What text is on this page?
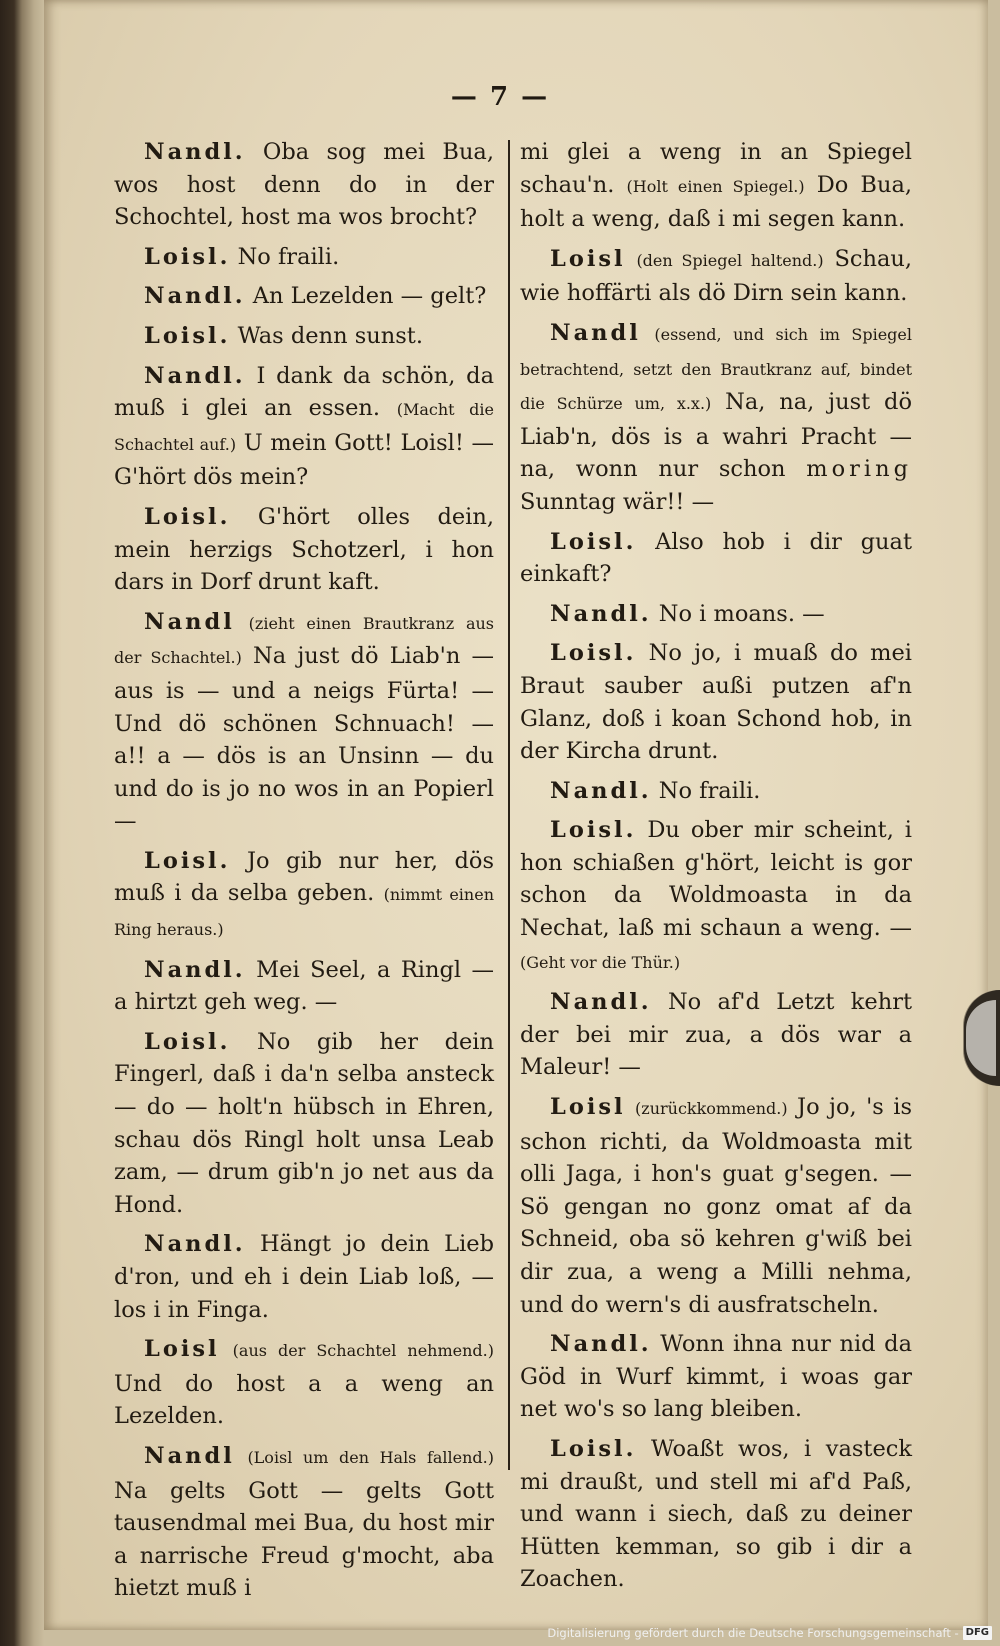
— 7 —

Nandl. Oba sog mei Bua, wos host denn do in der Schochtel, host ma wos brocht?

Loisl. No fraili.

Nandl. An Lezelden — gelt?

Loisl. Was denn sunst.

Nandl. I dank da schön, da muß i glei an essen. (Macht die Schachtel auf.) U mein Gott! Loisl! — G'hört dös mein?

Loisl. G'hört olles dein, mein herzigs Schotzerl, i hon dars in Dorf drunt kaft.

Nandl (zieht einen Brautkranz aus der Schachtel.) Na just dö Liab'n — aus is — und a neigs Fürta! — Und dö schönen Schnuach! — a!! a — dös is an Unsinn — du und do is jo no wos in an Popierl —

Loisl. Jo gib nur her, dös muß i da selba geben. (nimmt einen Ring heraus.)

Nandl. Mei Seel, a Ringl — a hirtzt geh weg. —

Loisl. No gib her dein Fingerl, daß i da'n selba ansteck — do — holt'n hübsch in Ehren, schau dös Ringl holt unsa Leab zam, — drum gib'n jo net aus da Hond.

Nandl. Hängt jo dein Lieb d'ron, und eh i dein Liab loß, — los i in Finga.

Loisl (aus der Schachtel nehmend.) Und do host a a weng an Lezelden.

Nandl (Loisl um den Hals fallend.) Na gelts Gott — gelts Gott tausendmal mei Bua, du host mir a narrische Freud g'mocht, aba hietzt muß i

mi glei a weng in an Spiegel schau'n. (Holt einen Spiegel.) Do Bua, holt a weng, daß i mi segen kann.

Loisl (den Spiegel haltend.) Schau, wie hoffärti als dö Dirn sein kann.

Nandl (essend, und sich im Spiegel betrachtend, setzt den Brautkranz auf, bindet die Schürze um, x.x.) Na, na, just dö Liab'n, dös is a wahri Pracht — na, wonn nur schon moring Sunntag wär!! —

Loisl. Also hob i dir guat einkaft?

Nandl. No i moans. —

Loisl. No jo, i muaß do mei Braut sauber außi putzen af'n Glanz, doß i koan Schond hob, in der Kircha drunt.

Nandl. No fraili.

Loisl. Du ober mir scheint, i hon schiaßen g'hört, leicht is gor schon da Woldmoasta in da Nechat, laß mi schaun a weng. — (Geht vor die Thür.)

Nandl. No af'd Letzt kehrt der bei mir zua, a dös war a Maleur! —

Loisl (zurückkommend.) Jo jo, 's is schon richti, da Woldmoasta mit olli Jaga, i hon's guat g'segen. — Sö gengan no gonz omat af da Schneid, oba sö kehren g'wiß bei dir zua, a weng a Milli nehma, und do wern's di ausfratscheln.

Nandl. Wonn ihna nur nid da Göd in Wurf kimmt, i woas gar net wo's so lang bleiben.

Loisl. Woaßt wos, i vasteck mi draußt, und stell mi af'd Paß, und wann i siech, daß zu deiner Hütten kemman, so gib i dir a Zoachen.

Digitalisierung gefördert durch die Deutsche Forschungsgemeinschaft - DFG
